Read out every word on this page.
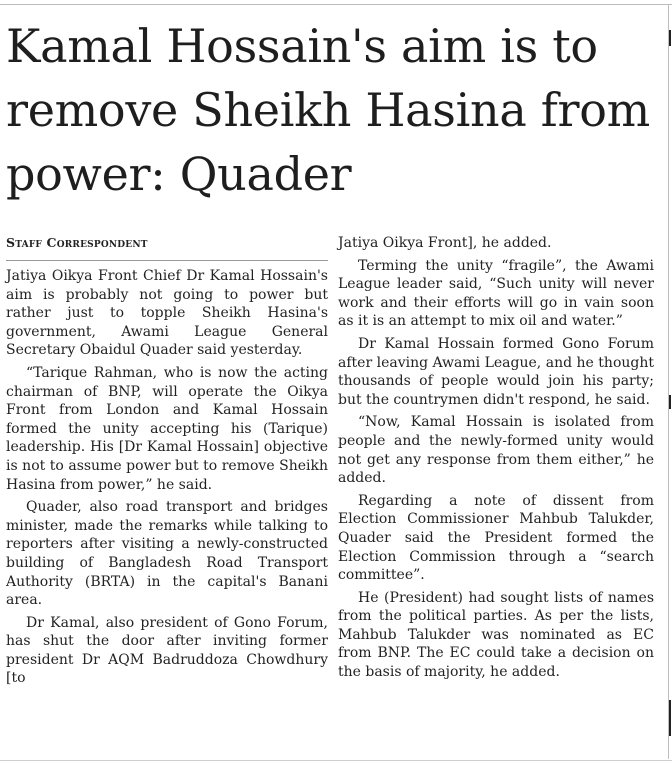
Kamal Hossain's aim is to remove Sheikh Hasina from power: Quader
Staff Correspondent

Jatiya Oikya Front Chief Dr Kamal Hossain's aim is probably not going to power but rather just to topple Sheikh Hasina's government, Awami League General Secretary Obaidul Quader said yesterday.

“Tarique Rahman, who is now the acting chairman of BNP, will operate the Oikya Front from London and Kamal Hossain formed the unity accepting his (Tarique) leadership. His [Dr Kamal Hossain] objective is not to assume power but to remove Sheikh Hasina from power,” he said.

Quader, also road transport and bridges minister, made the remarks while talking to reporters after visiting a newly-constructed building of Bangladesh Road Transport Authority (BRTA) in the capital's Banani area.

Dr Kamal, also president of Gono Forum, has shut the door after inviting former president Dr AQM Badruddoza Chowdhury [to

Jatiya Oikya Front], he added.

Terming the unity “fragile”, the Awami League leader said, “Such unity will never work and their efforts will go in vain soon as it is an attempt to mix oil and water.”

Dr Kamal Hossain formed Gono Forum after leaving Awami League, and he thought thousands of people would join his party; but the countrymen didn't respond, he said.

“Now, Kamal Hossain is isolated from people and the newly-formed unity would not get any response from them either,” he added.

Regarding a note of dissent from Election Commissioner Mahbub Talukder, Quader said the President formed the Election Commission through a “search committee”.

He (President) had sought lists of names from the political parties. As per the lists, Mahbub Talukder was nominated as EC from BNP. The EC could take a decision on the basis of majority, he added.
